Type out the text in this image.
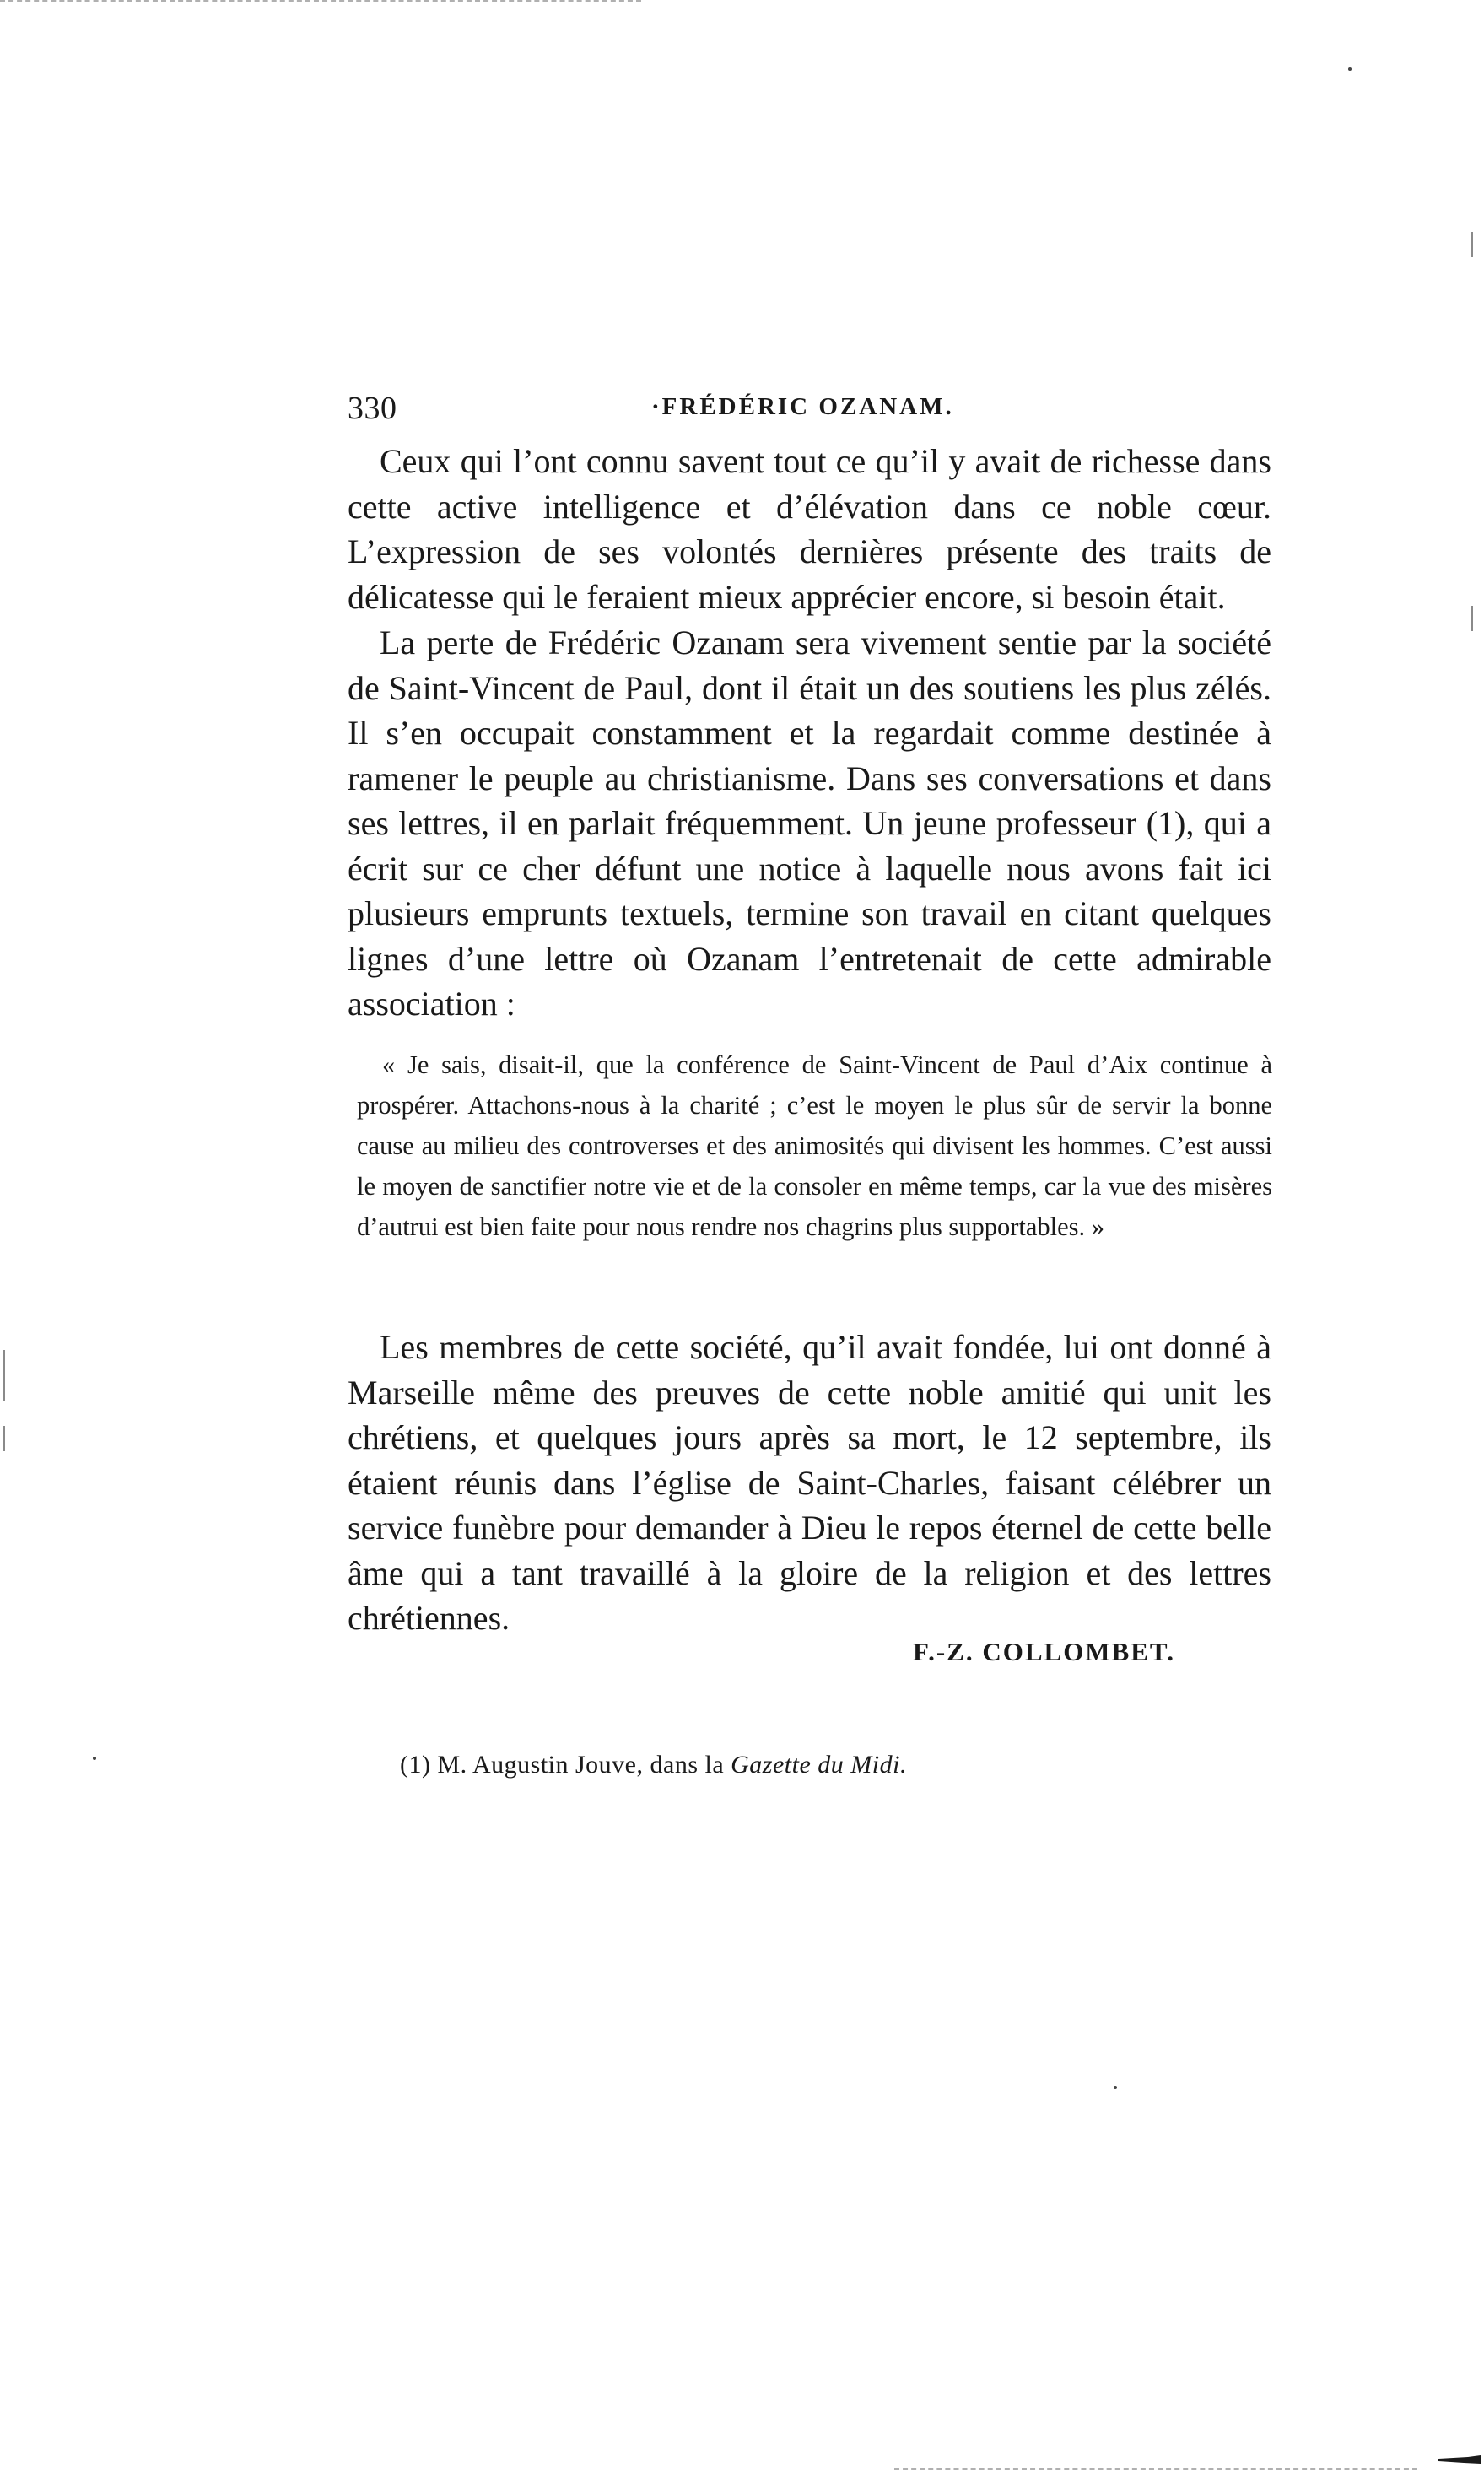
330	·FRÉDÉRIC OZANAM.

Ceux qui l’ont connu savent tout ce qu’il y avait de richesse dans cette active intelligence et d’élévation dans ce noble cœur. L’expression de ses volontés dernières présente des traits de délicatesse qui le feraient mieux apprécier encore, si besoin était.

La perte de Frédéric Ozanam sera vivement sentie par la société de Saint-Vincent de Paul, dont il était un des soutiens les plus zélés. Il s’en occupait constamment et la regardait comme destinée à ramener le peuple au christianisme. Dans ses conversations et dans ses lettres, il en parlait fréquemment. Un jeune professeur (1), qui a écrit sur ce cher défunt une notice à laquelle nous avons fait ici plusieurs emprunts textuels, termine son travail en citant quelques lignes d’une lettre où Ozanam l’entretenait de cette admirable association :

« Je sais, disait-il, que la conférence de Saint-Vincent de Paul d’Aix continue à prospérer. Attachons-nous à la charité ; c’est le moyen le plus sûr de servir la bonne cause au milieu des controverses et des animosités qui divisent les hommes. C’est aussi le moyen de sanctifier notre vie et de la consoler en même temps, car la vue des misères d’autrui est bien faite pour nous rendre nos chagrins plus supportables. »

Les membres de cette société, qu’il avait fondée, lui ont donné à Marseille même des preuves de cette noble amitié qui unit les chrétiens, et quelques jours après sa mort, le 12 septembre, ils étaient réunis dans l’église de Saint-Charles, faisant célébrer un service funèbre pour demander à Dieu le repos éternel de cette belle âme qui a tant travaillé à la gloire de la religion et des lettres chrétiennes.

F.-Z. COLLOMBET.
(1) M. Augustin Jouve, dans la Gazette du Midi.
